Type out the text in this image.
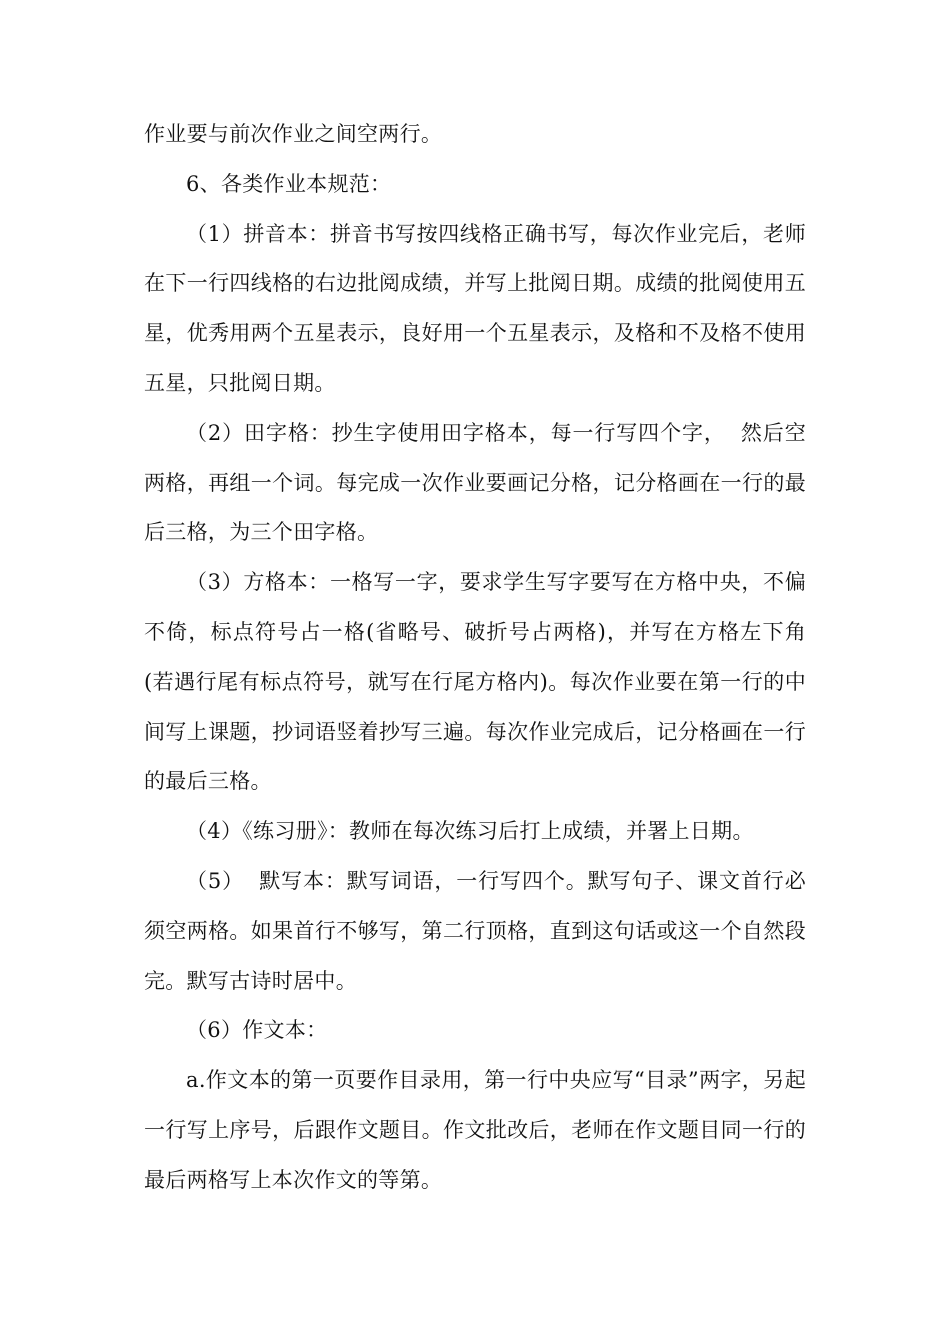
作业要与前次作业之间空两行。

6、各类作业本规范：

（1）拼音本：拼音书写按四线格正确书写，每次作业完后，老师在下一行四线格的右边批阅成绩，并写上批阅日期。成绩的批阅使用五星，优秀用两个五星表示，良好用一个五星表示，及格和不及格不使用五星，只批阅日期。

（2）田字格：抄生字使用田字格本，每一行写四个字，  然后空两格，再组一个词。每完成一次作业要画记分格，记分格画在一行的最后三格，为三个田字格。

（3）方格本：一格写一字，要求学生写字要写在方格中央，不偏不倚，标点符号占一格(省略号、破折号占两格)，并写在方格左下角(若遇行尾有标点符号，就写在行尾方格内)。每次作业要在第一行的中间写上课题，抄词语竖着抄写三遍。每次作业完成后，记分格画在一行的最后三格。

（4）《练习册》：教师在每次练习后打上成绩，并署上日期。

（5）  默写本：默写词语，一行写四个。默写句子、课文首行必须空两格。如果首行不够写，第二行顶格，直到这句话或这一个自然段完。默写古诗时居中。

（6）作文本：

a.作文本的第一页要作目录用，第一行中央应写“目录”两字，另起一行写上序号，后跟作文题目。作文批改后，老师在作文题目同一行的最后两格写上本次作文的等第。
